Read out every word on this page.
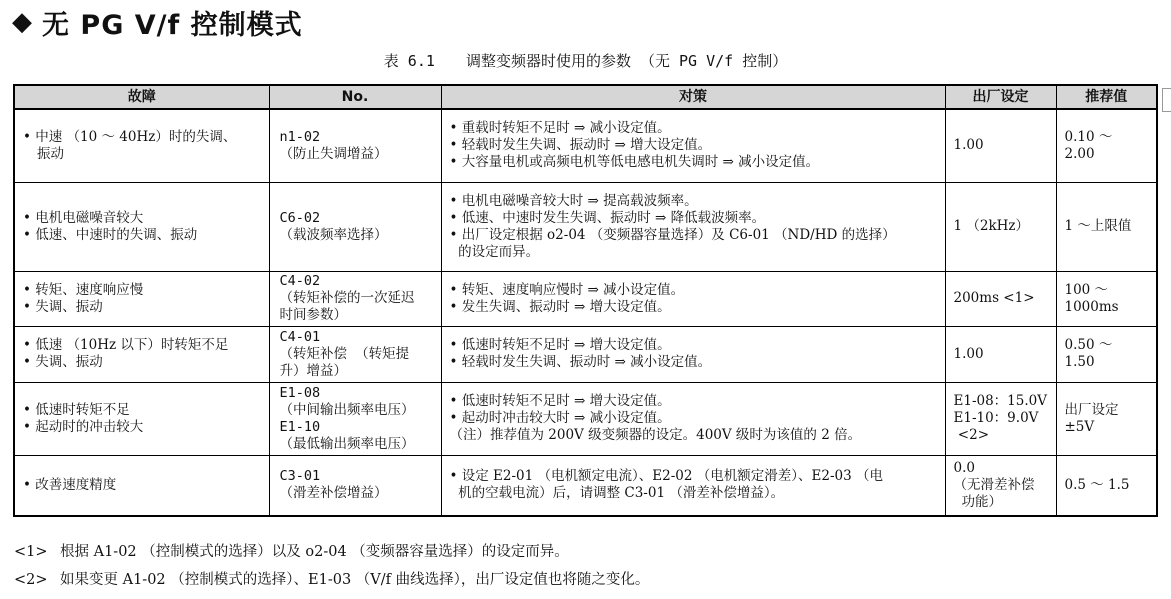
◆ 无 PG V/f 控制模式
表 6.1 调整变频器时使用的参数 （无 PG V/f 控制）
故障	No.	对策	出厂设定	推荐值

• 中速 （10 ～ 40Hz）时的失调、
振动	n1-02
（防止失调增益）	• 重载时转矩不足时 ⇒ 减小设定值。
• 轻载时发生失调、振动时 ⇒ 增大设定值。
• 大容量电机或高频电机等低电感电机失调时 ⇒ 减小设定值。	1.00	0.10 ～
2.00

• 电机电磁噪音较大
• 低速、中速时的失调、振动	C6-02
（载波频率选择）	• 电机电磁噪音较大时 ⇒ 提高载波频率。
• 低速、中速时发生失调、振动时 ⇒ 降低载波频率。
• 出厂设定根据 o2-04 （变频器容量选择）及 C6-01 （ND/HD 的选择）
的设定而异。	1 （2kHz）	1 ～上限值

• 转矩、速度响应慢
• 失调、振动	C4-02
（转矩补偿的一次延迟
时间参数）	• 转矩、速度响应慢时 ⇒ 减小设定值。
• 发生失调、振动时 ⇒ 增大设定值。	200ms <1>	100 ～
1000ms

• 低速 （10Hz 以下）时转矩不足
• 失调、振动	C4-01
（转矩补偿 （转矩提
升）增益）	• 低速时转矩不足时 ⇒ 增大设定值。
• 轻载时发生失调、振动时 ⇒ 减小设定值。	1.00	0.50 ～
1.50

• 低速时转矩不足
• 起动时的冲击较大	E1-08
（中间输出频率电压）
E1-10
（最低输出频率电压）	• 低速时转矩不足时 ⇒ 增大设定值。
• 起动时冲击较大时 ⇒ 减小设定值。
（注）推荐值为 200V 级变频器的设定。400V 级时为该值的 2 倍。	E1-08：15.0V
E1-10：9.0V
<2>	出厂设定
±5V

• 改善速度精度	C3-01
（滑差补偿增益）	• 设定 E2-01 （电机额定电流）、E2-02 （电机额定滑差）、E2-03 （电
机的空载电流）后，请调整 C3-01 （滑差补偿增益）。	0.0
（无滑差补偿
功能）	0.5 ～ 1.5
<1> 根据 A1-02 （控制模式的选择）以及 o2-04 （变频器容量选择）的设定而异。
<2> 如果变更 A1-02 （控制模式的选择）、E1-03 （V/f 曲线选择），出厂设定值也将随之变化。
